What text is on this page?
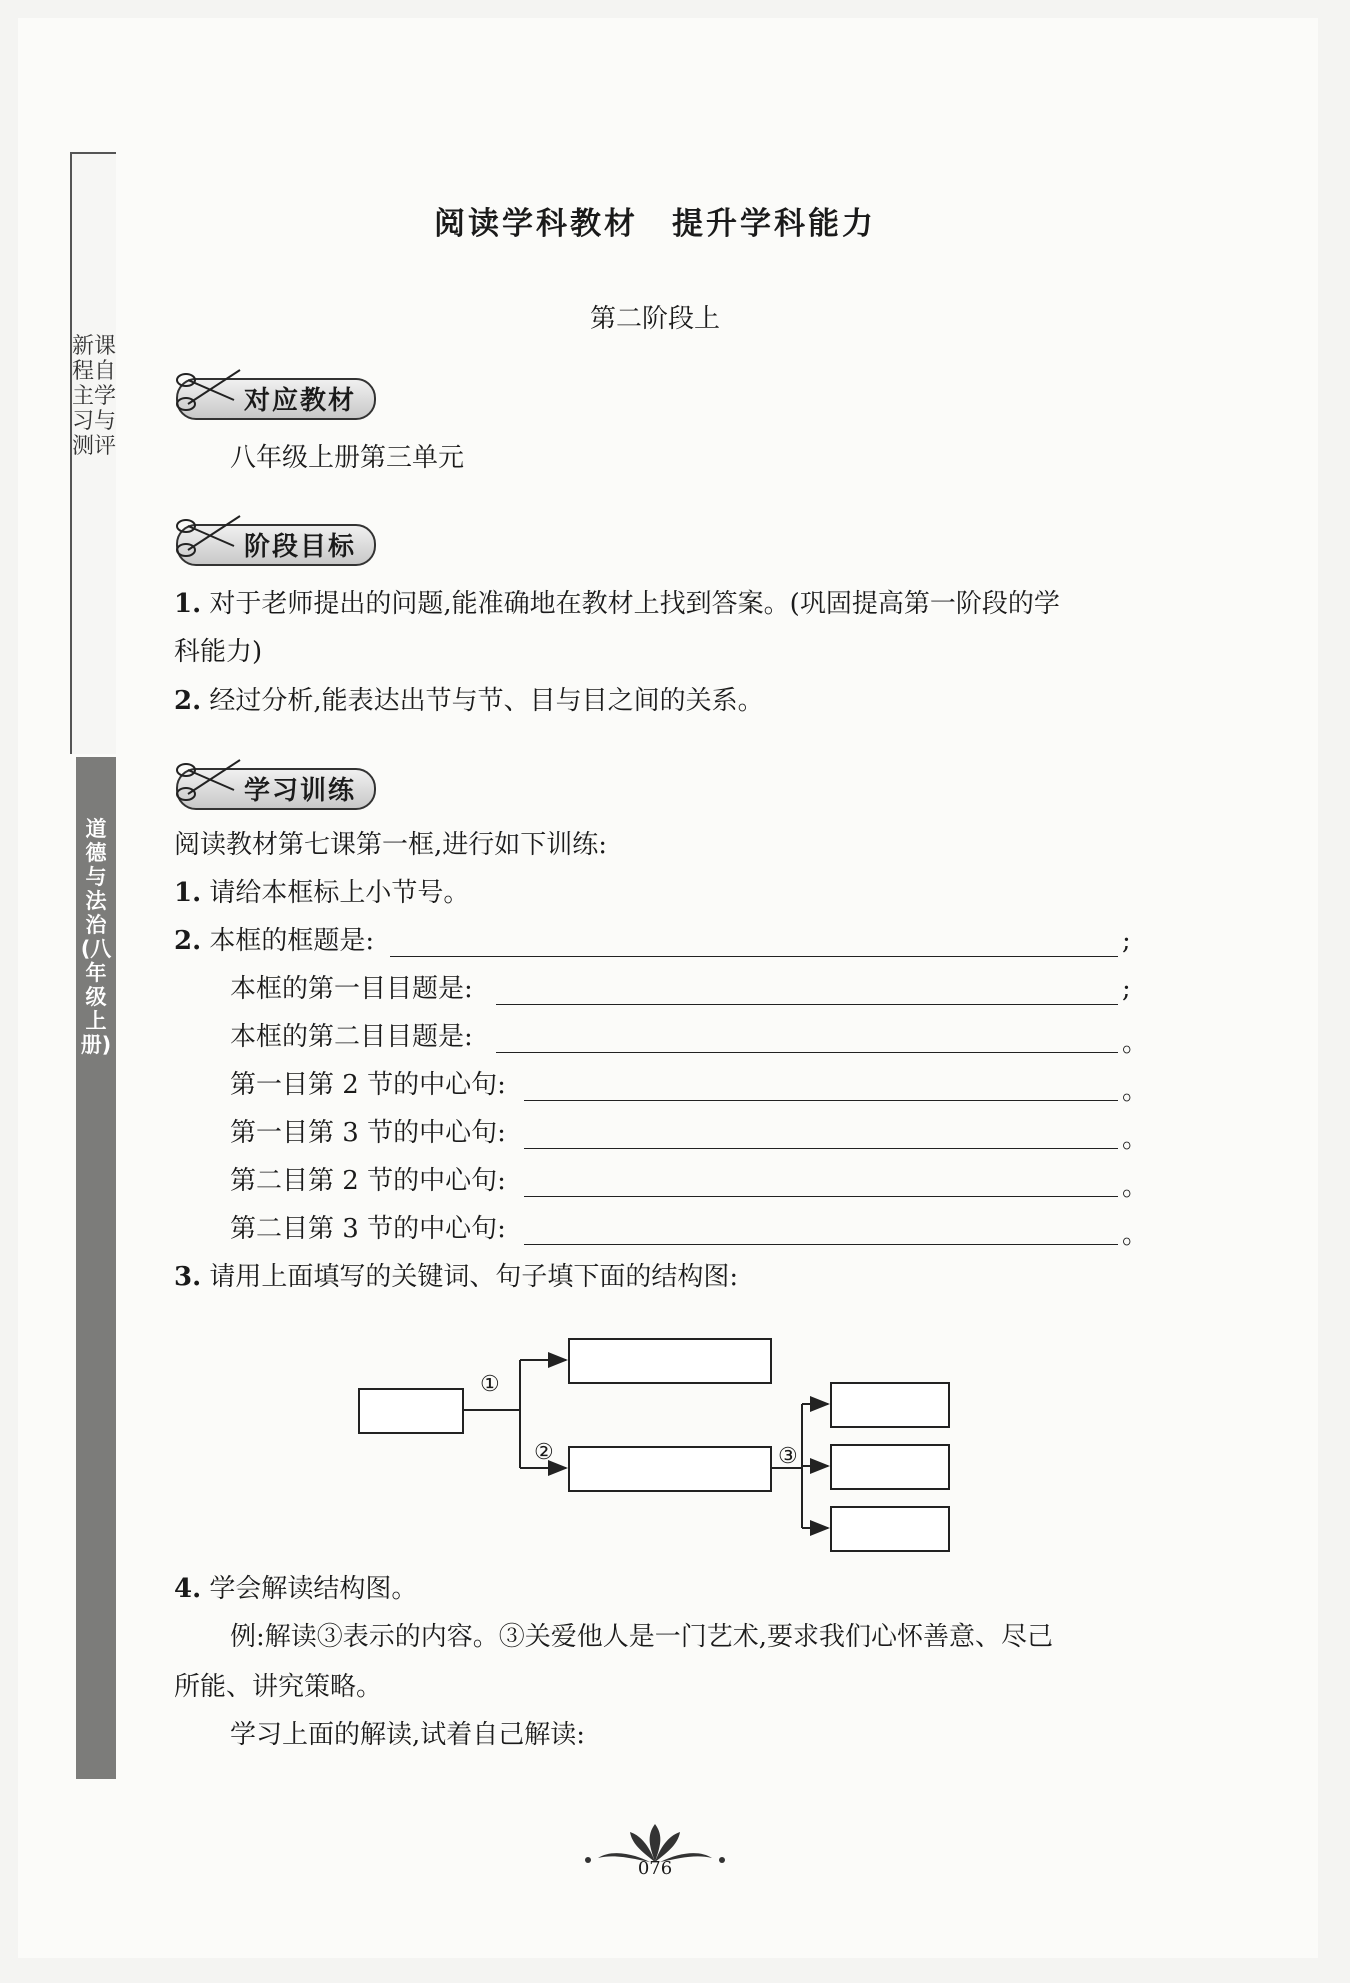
新课程自主学习与测评
道德与法治(八年级上册)
阅读学科教材　提升学科能力
第二阶段上
对应教材
八年级上册第三单元
阶段目标
1. 对于老师提出的问题,能准确地在教材上找到答案。(巩固提高第一阶段的学
科能力)
2. 经过分析,能表达出节与节、目与目之间的关系。
学习训练
阅读教材第七课第一框,进行如下训练:
1. 请给本框标上小节号。
2. 本框的框题是:	;
本框的第一目目题是:	;
本框的第二目目题是:	。
第一目第 2 节的中心句:	。
第一目第 3 节的中心句:	。
第二目第 2 节的中心句:	。
第二目第 3 节的中心句:	。
3. 请用上面填写的关键词、句子填下面的结构图:
①
②	③
4. 学会解读结构图。
例:解读③表示的内容。③关爱他人是一门艺术,要求我们心怀善意、尽己
所能、讲究策略。
学习上面的解读,试着自己解读:
076
